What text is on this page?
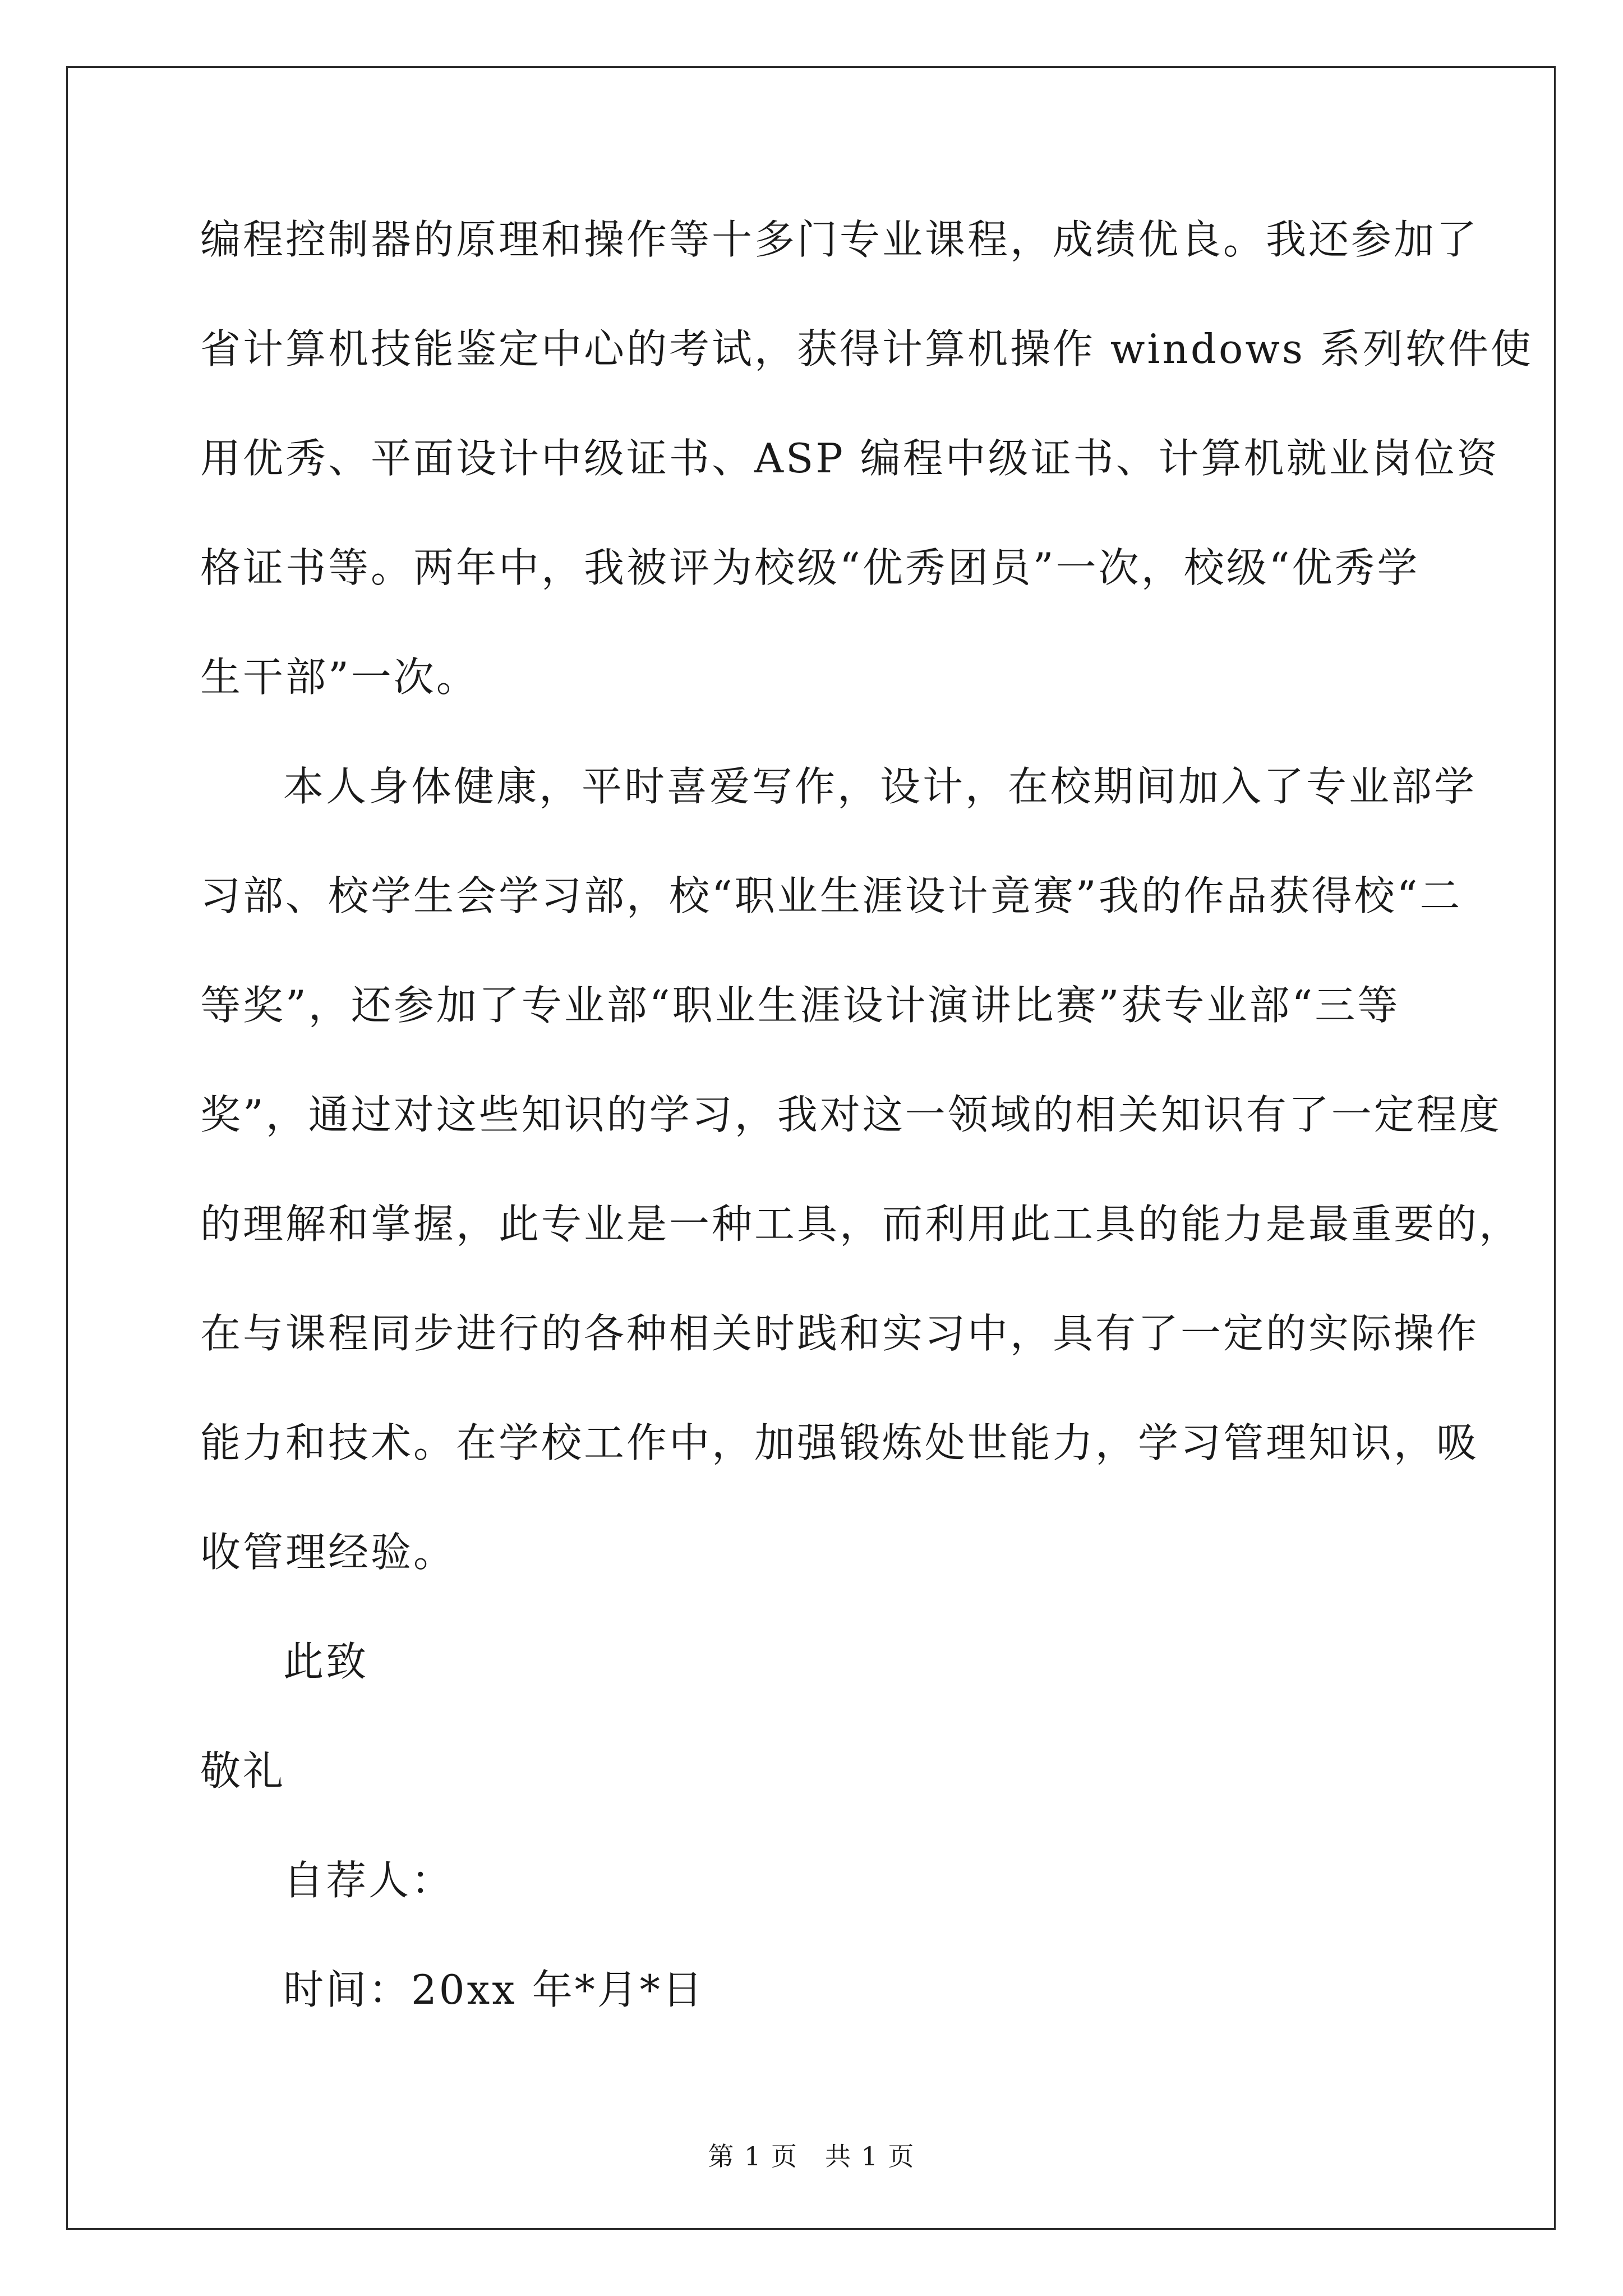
编程控制器的原理和操作等十多门专业课程，成绩优良。我还参加了

省计算机技能鉴定中心的考试，获得计算机操作 windows 系列软件使

用优秀、平面设计中级证书、ASP 编程中级证书、计算机就业岗位资

格证书等。两年中，我被评为校级“优秀团员”一次，校级“优秀学

生干部”一次。

本人身体健康，平时喜爱写作，设计，在校期间加入了专业部学

习部、校学生会学习部，校“职业生涯设计竟赛”我的作品获得校“二

等奖”，还参加了专业部“职业生涯设计演讲比赛”获专业部“三等

奖”，通过对这些知识的学习，我对这一领域的相关知识有了一定程度

的理解和掌握，此专业是一种工具，而利用此工具的能力是最重要的，

在与课程同步进行的各种相关时践和实习中，具有了一定的实际操作

能力和技术。在学校工作中，加强锻炼处世能力，学习管理知识，吸

收管理经验。

此致

敬礼

自荐人：

时间：20xx 年*月*日

第 1 页　共 1 页
